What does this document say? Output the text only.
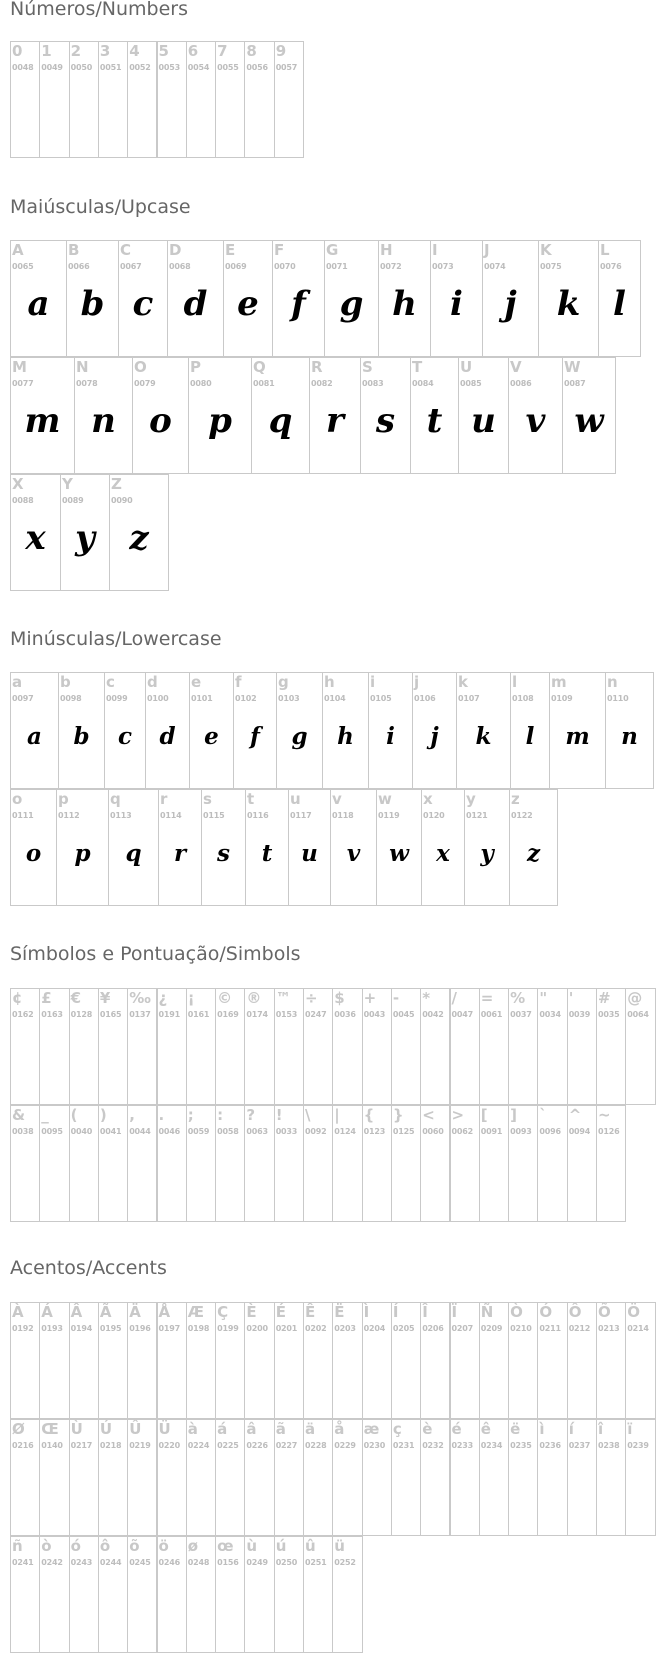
Números/Numbers
0
0048
1
0049
2
0050
3
0051
4
0052
5
0053
6
0054
7
0055
8
0056
9
0057
Maiúsculas/Upcase
A
0065
a
B
0066
b
C
0067
c
D
0068
d
E
0069
e
F
0070
f
G
0071
g
H
0072
h
I
0073
i
J
0074
j
K
0075
k
L
0076
l
M
0077
m
N
0078
n
O
0079
o
P
0080
p
Q
0081
q
R
0082
r
S
0083
s
T
0084
t
U
0085
u
V
0086
v
W
0087
w
X
0088
x
Y
0089
y
Z
0090
z
Minúsculas/Lowercase
a
0097
a
b
0098
b
c
0099
c
d
0100
d
e
0101
e
f
0102
f
g
0103
g
h
0104
h
i
0105
i
j
0106
j
k
0107
k
l
0108
l
m
0109
m
n
0110
n
o
0111
o
p
0112
p
q
0113
q
r
0114
r
s
0115
s
t
0116
t
u
0117
u
v
0118
v
w
0119
w
x
0120
x
y
0121
y
z
0122
z
Símbolos e Pontuação/Simbols
¢
0162
£
0163
€
0128
¥
0165
‰
0137
¿
0191
¡
0161
©
0169
®
0174
™
0153
÷
0247
$
0036
+
0043
-
0045
*
0042
/
0047
=
0061
%
0037
"
0034
'
0039
#
0035
@
0064
&
0038
_
0095
(
0040
)
0041
,
0044
.
0046
;
0059
:
0058
?
0063
!
0033
\
0092
|
0124
{
0123
}
0125
<
0060
>
0062
[
0091
]
0093
`
0096
^
0094
~
0126
Acentos/Accents
À
0192
Á
0193
Â
0194
Ã
0195
Ä
0196
Å
0197
Æ
0198
Ç
0199
È
0200
É
0201
Ê
0202
Ë
0203
Ì
0204
Í
0205
Î
0206
Ï
0207
Ñ
0209
Ò
0210
Ó
0211
Ô
0212
Õ
0213
Ö
0214
Ø
0216
Œ
0140
Ù
0217
Ú
0218
Û
0219
Ü
0220
à
0224
á
0225
â
0226
ã
0227
ä
0228
å
0229
æ
0230
ç
0231
è
0232
é
0233
ê
0234
ë
0235
ì
0236
í
0237
î
0238
ï
0239
ñ
0241
ò
0242
ó
0243
ô
0244
õ
0245
ö
0246
ø
0248
œ
0156
ù
0249
ú
0250
û
0251
ü
0252
